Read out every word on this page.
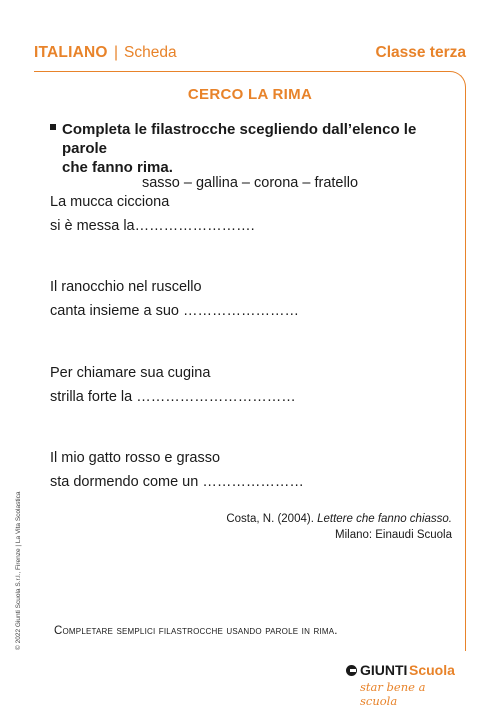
ITALIANO | Scheda	Classe terza
CERCO LA RIMA
Completa le filastrocche scegliendo dall’elenco le parole
che fanno rima.
sasso – gallina – corona – fratello
La mucca cicciona
si è messa la…………………….
Il ranocchio nel ruscello
canta insieme a suo ……………………
Per chiamare sua cugina
strilla forte la ……………………………
Il mio gatto rosso e grasso
sta dormendo come un …………………
Costa, N. (2004). Lettere che fanno chiasso.
Milano: Einaudi Scuola
Completare semplici filastrocche usando parole in rima.
© 2022 Giunti Scuola S.r.l., Firenze | La Vita Scolastica
GIUNTI Scuola
star bene a scuola
